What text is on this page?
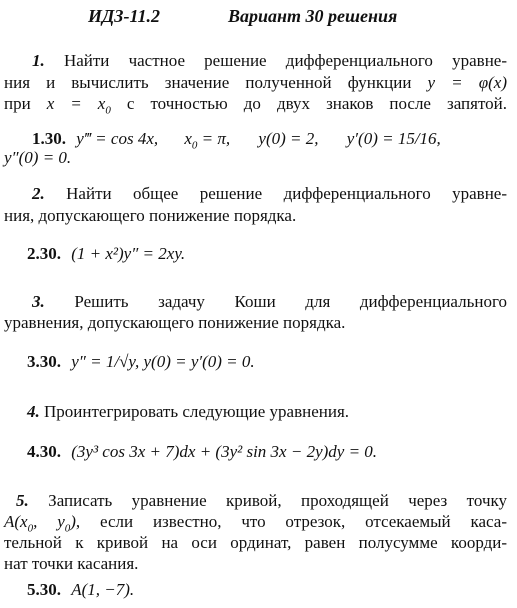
ИДЗ-11.2	Вариант 30 решения
1. Найти частное решение дифференциального уравне-
ния и вычислить значение полученной функции y = φ(x)
при $x = x_0$ с точностью до двух знаков после запятой.
1.30. y‴ = cos 4x, $x_0 = \pi$, y(0) = 2, y′(0) = 15/16,
y″(0) = 0.
2. Найти общее решение дифференциального уравне-
ния, допускающего понижение порядка.
2.30. (1 + x²)y″ = 2xy.
3. Решить задачу Коши для дифференциального
уравнения, допускающего понижение порядка.
3.30. y″ = 1/√y, y(0) = y′(0) = 0.
4. Проинтегрировать следующие уравнения.
4.30. (3y³ cos 3x + 7)dx + (3y² sin 3x − 2y)dy = 0.
5. Записать уравнение кривой, проходящей через точку
$A(x_0$, $y_0$), если известно, что отрезок, отсекаемый каса-
тельной к кривой на оси ординат, равен полусумме коорди-
нат точки касания.
5.30. A(1, −7).
